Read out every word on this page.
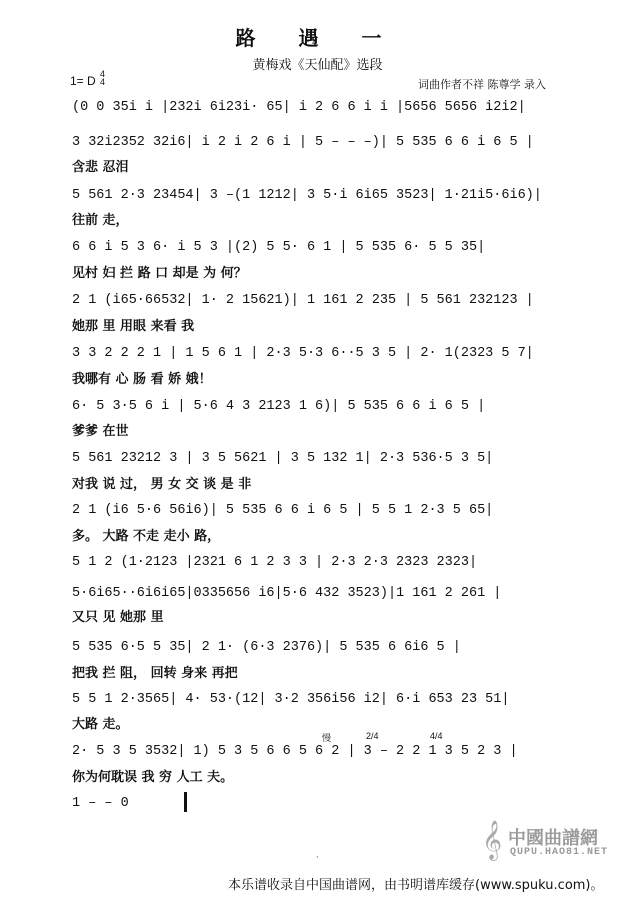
路 遇 一
黄梅戏《天仙配》选段
1= D 4
4	词曲作者不祥 陈尊学 录入
慢	2/4	4/4
(0 0 35i i |232i 6i23i· 65| i 2 6 6 i i |5656 5656 i2i2|
3 32i2352 32i6| i 2 i 2 6 i | 5 – – –)| 5 535 6 6 i 6 5 |
含悲 忍泪
5 561 2·3 23454| 3 –(1 1212| 3 5·i 6i65 3523| 1·21i5·6i6)|
往前 走，
6 6 i 5 3 6· i 5 3 |(2) 5 5· 6 1 | 5 535 6· 5 5 35|
见村 妇 拦 路 口 却是 为 何？
2 1 (i65·66532| 1· 2 15621)| 1 161 2 235 | 5 561 232123 |
她那 里 用眼 来看 我
3 3 2 2 2 1 | 1 5 6 1 | 2·3 5·3 6··5 3 5 | 2· 1(2323 5 7|
我哪有 心 肠 看 娇 娥！
6· 5 3·5 6 i | 5·6 4 3 2123 1 6)| 5 535 6 6 i 6 5 |
爹爹 在世
5 561 23212 3 | 3 5 5621 | 3 5 132 1| 2·3 536·5 3 5|
对我 说 过， 男 女 交 谈 是 非
2 1 (i6 5·6 56i6)| 5 535 6 6 i 6 5 | 5 5 1 2·3 5 65|
多。 大路 不走 走小 路，
5 1 2 (1·2123 |2321 6 1 2 3 3 | 2·3 2·3 2323 2323|
5·6i65··6i6i65|0335656 i6|5·6 432 3523)|1 161 2 261 |
又只 见 她那 里
5 535 6·5 5 35| 2 1· (6·3 2376)| 5 535 6 6i6 5 |
把我 拦 阻， 回转 身来 再把
5 5 1 2·3565| 4· 53·(12| 3·2 356i56 i2| 6·i 653 23 51|
大路 走。
2· 5 3 5 3532| 1) 5 3 5 6 6 5 6 2 | 3 – 2 2 1 3 5 2 3 |
你为何耽误 我 穷 人工 夫。
1 – – 0
𝄞 中國曲譜網
QUPU.HAO81.NET
·
本乐谱收录自中国曲谱网，由书明谱库缓存(www.spuku.com)。
